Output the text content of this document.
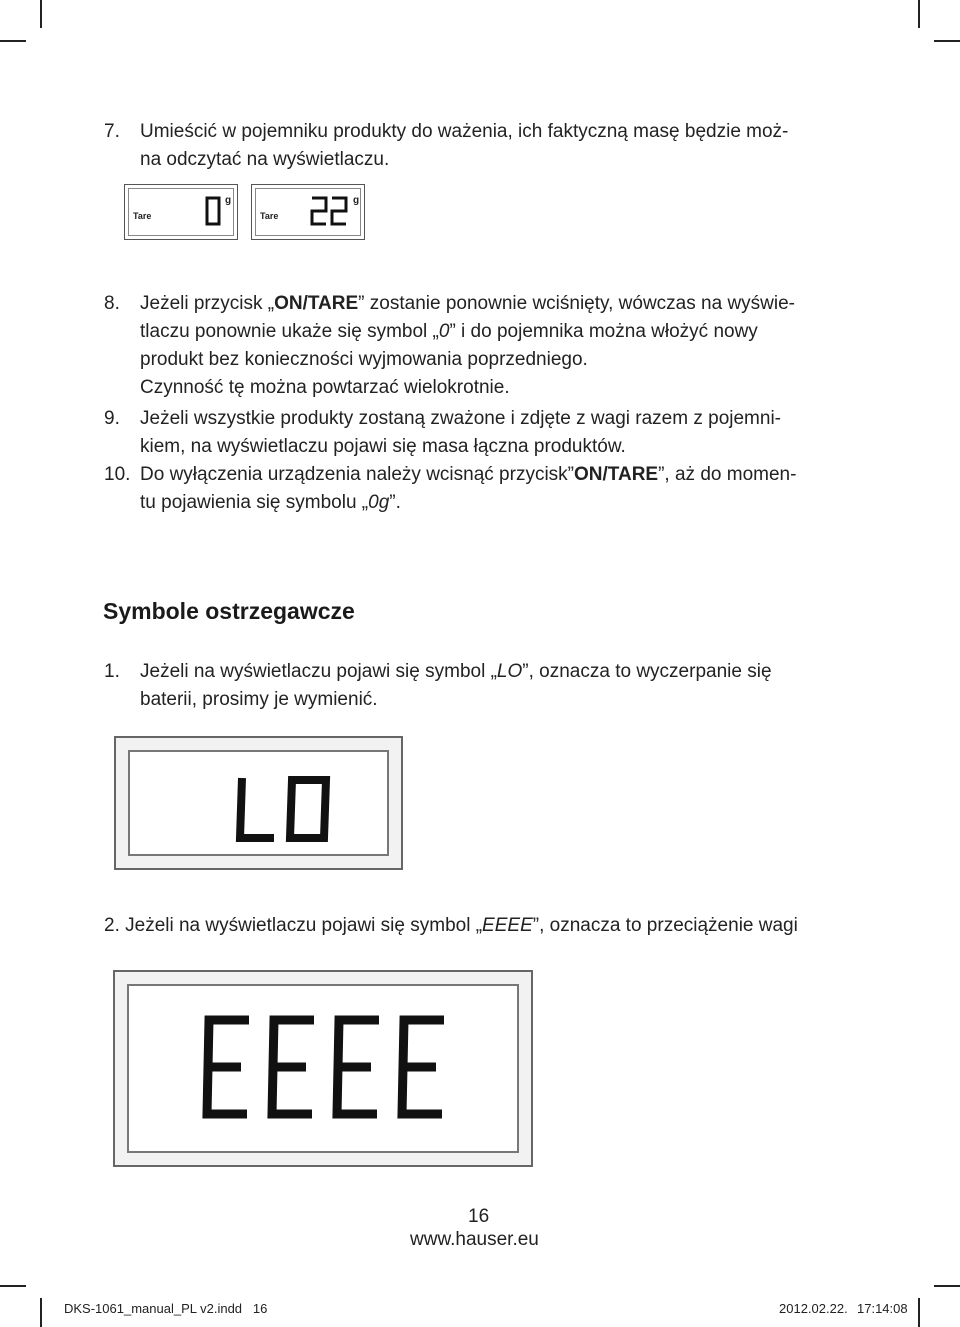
7. Umieścić w pojemniku produkty do ważenia, ich faktyczną masę będzie moż-
na odczytać na wyświetlaczu.
Tare
g
Tare
g
8. Jeżeli przycisk „ON/TARE” zostanie ponownie wciśnięty, wówczas na wyświe-
tlaczu ponownie ukaże się symbol „0” i do pojemnika można włożyć nowy
produkt bez konieczności wyjmowania poprzedniego.
Czynność tę można powtarzać wielokrotnie.
9. Jeżeli wszystkie produkty zostaną zważone i zdjęte z wagi razem z pojemni-
kiem, na wyświetlaczu pojawi się masa łączna produktów.
10. Do wyłączenia urządzenia należy wcisnąć przycisk”ON/TARE”, aż do momen-
tu pojawienia się symbolu „0g”.
Symbole ostrzegawcze
1. Jeżeli na wyświetlaczu pojawi się symbol „LO”, oznacza to wyczerpanie się
baterii, prosimy je wymienić.
2. Jeżeli na wyświetlaczu pojawi się symbol „EEEE”, oznacza to przeciążenie wagi
16
www.hauser.eu
DKS-1061_manual_PL v2.indd   16	2012.02.22. 17:14:08
